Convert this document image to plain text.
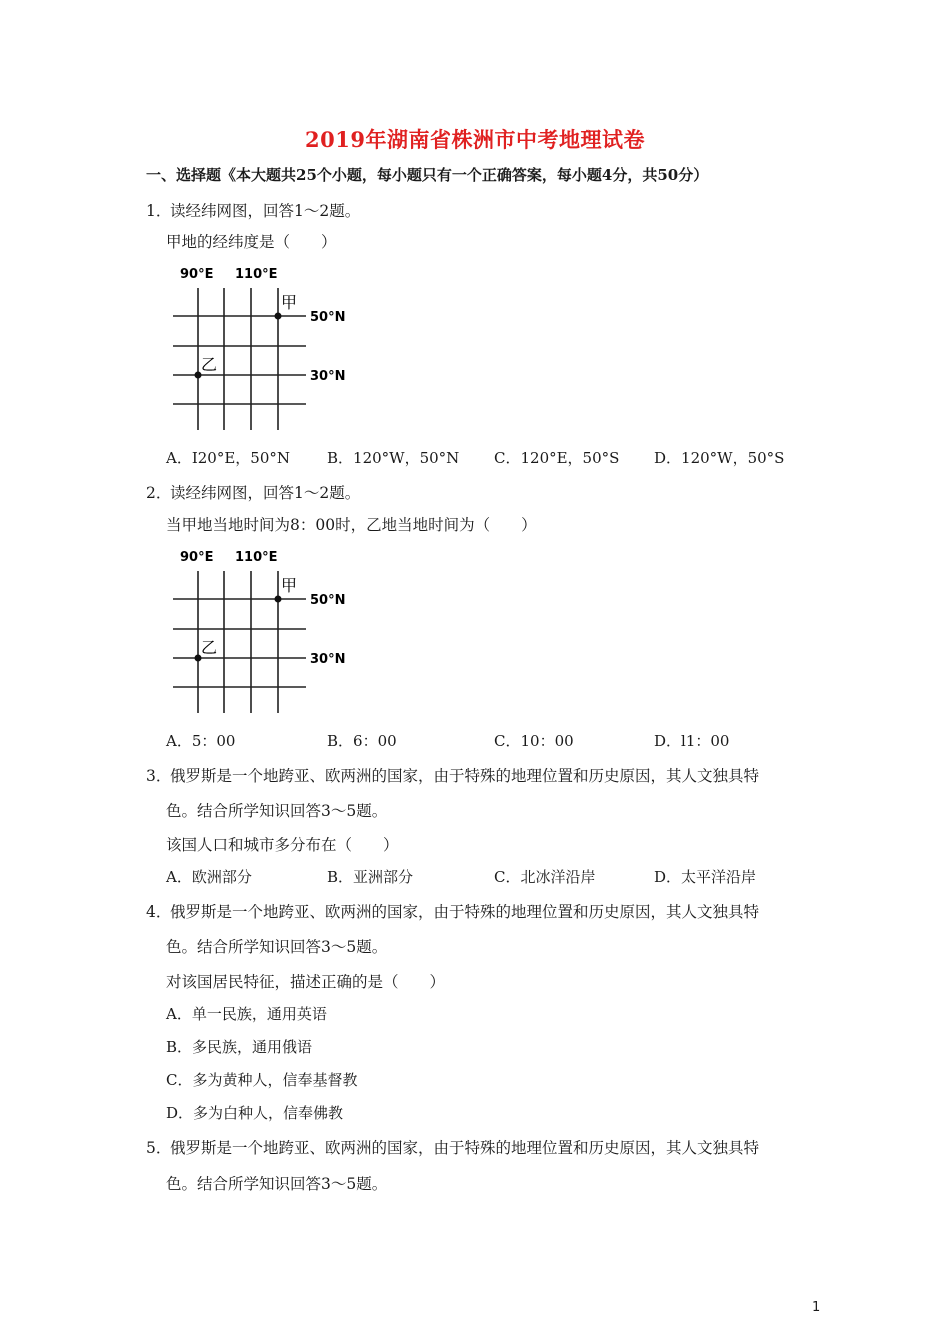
2019年湖南省株洲市中考地理试卷
一、选择题《本大题共25个小题，每小题只有一个正确答案，每小题4分，共50分）
1．
读经纬网图，回答1～2题。
甲地的经纬度是（　　）
90°E 110°E
50°N
30°N
甲
乙
A．I20°E，50°N B．120°W，50°N C．120°E，50°S D．120°W，50°S
2．
读经纬网图，回答1～2题。
当甲地当地时间为8：00时，乙地当地时间为（　　）
90°E 110°E
50°N
30°N
甲
乙
A．5：00	B．6：00	C．10：00	D．l1：00
3．
俄罗斯是一个地跨亚、欧两洲的国家，由于特殊的地理位置和历史原因，其人文独具特
色。结合所学知识回答3～5题。
该国人口和城市多分布在（　　）
A．欧洲部分	B．亚洲部分	C．北冰洋沿岸	D．太平洋沿岸
4．
俄罗斯是一个地跨亚、欧两洲的国家，由于特殊的地理位置和历史原因，其人文独具特
色。结合所学知识回答3～5题。
对该国居民特征，描述正确的是（　　）
A．单一民族，通用英语
B．多民族，通用俄语
C．多为黄种人，信奉基督教
D．多为白种人，信奉佛教
5．
俄罗斯是一个地跨亚、欧两洲的国家，由于特殊的地理位置和历史原因，其人文独具特
色。结合所学知识回答3～5题。
1
